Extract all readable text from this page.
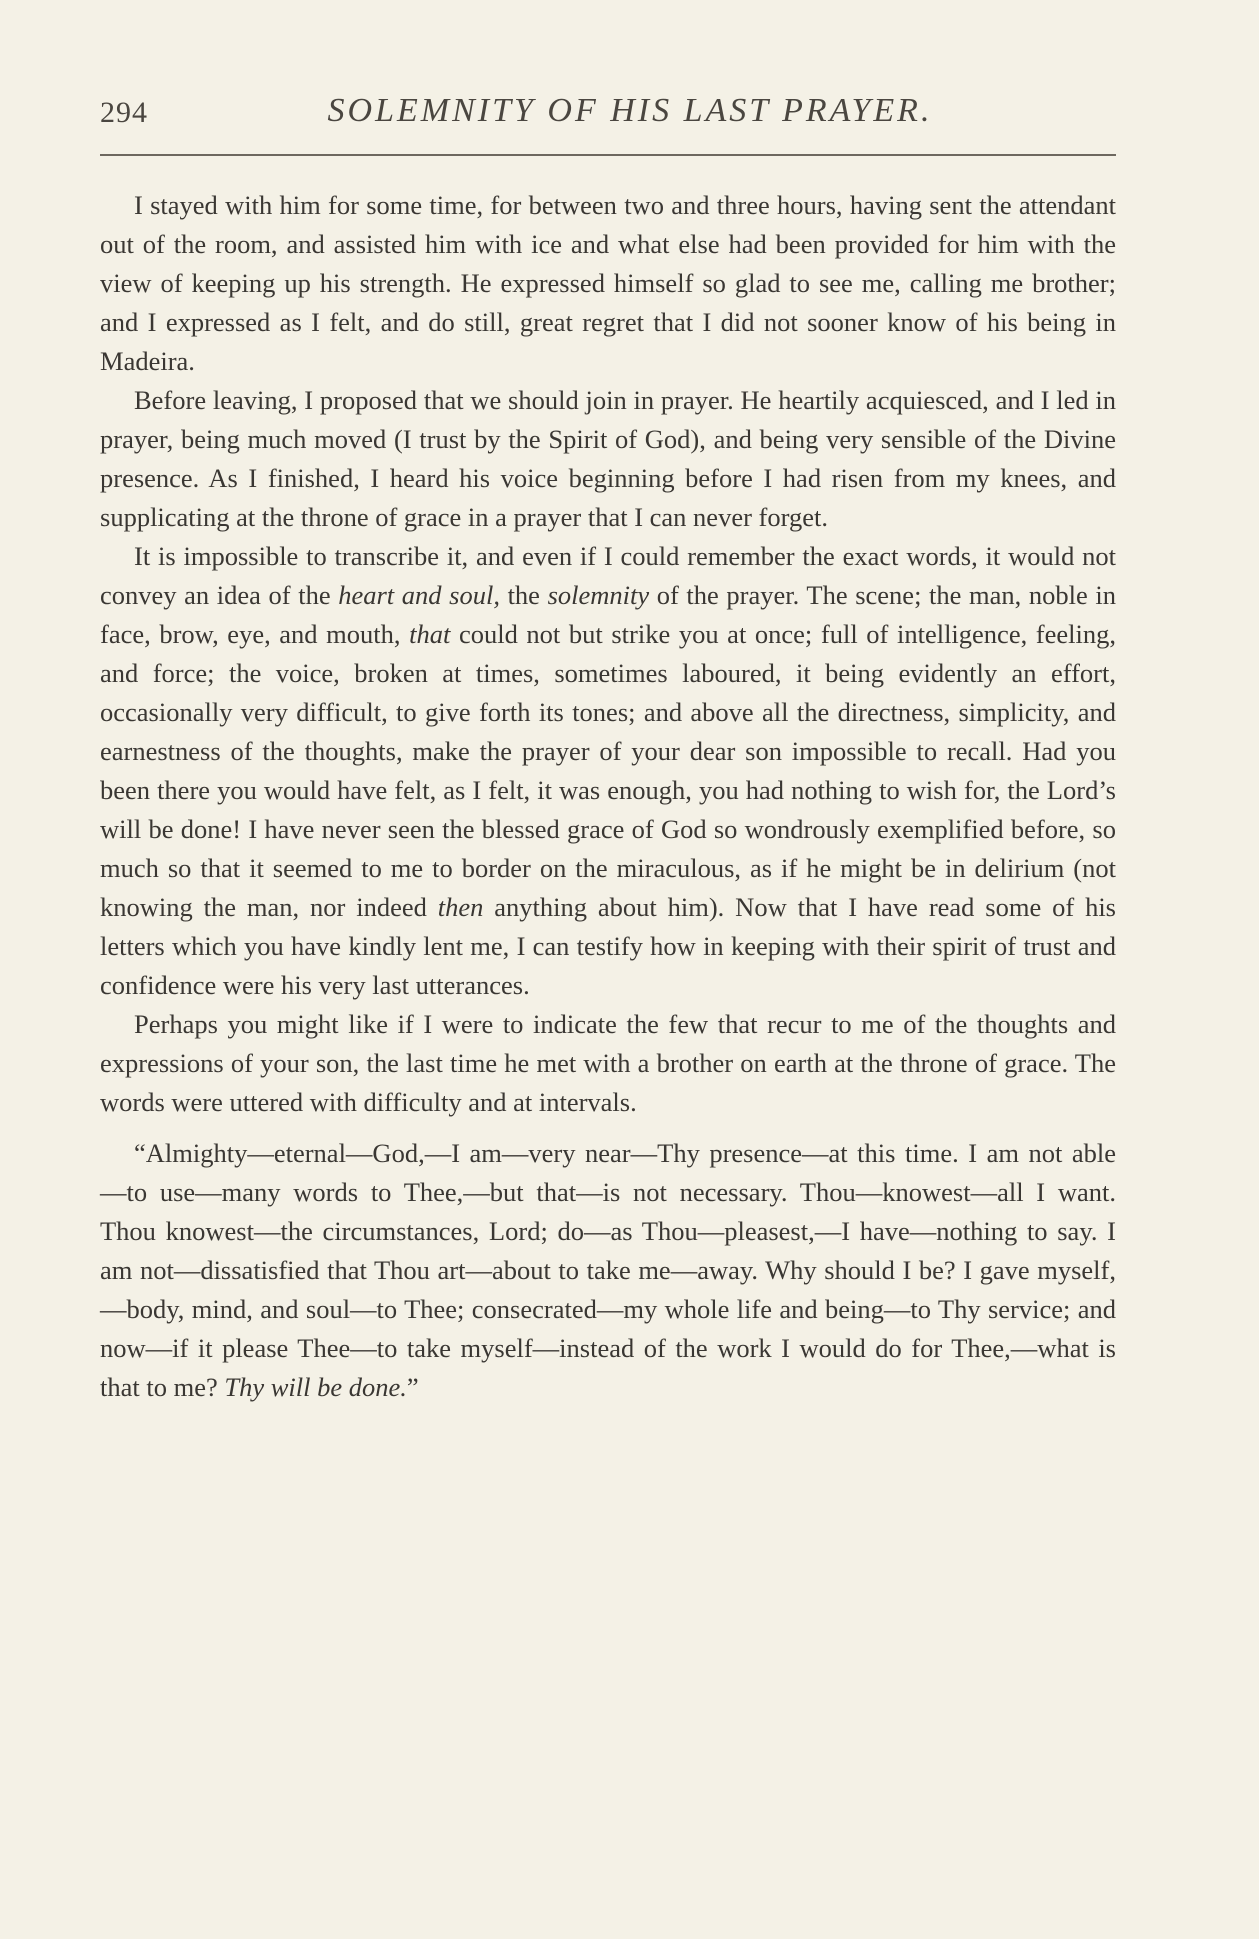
294	SOLEMNITY OF HIS LAST PRAYER.

I stayed with him for some time, for between two and three hours, having sent the attendant out of the room, and assisted him with ice and what else had been provided for him with the view of keeping up his strength. He expressed himself so glad to see me, calling me brother; and I expressed as I felt, and do still, great regret that I did not sooner know of his being in Madeira.

Before leaving, I proposed that we should join in prayer. He heartily acquiesced, and I led in prayer, being much moved (I trust by the Spirit of God), and being very sensible of the Divine presence. As I finished, I heard his voice beginning before I had risen from my knees, and supplicating at the throne of grace in a prayer that I can never forget.

It is impossible to transcribe it, and even if I could remember the exact words, it would not convey an idea of the heart and soul, the solemnity of the prayer. The scene; the man, noble in face, brow, eye, and mouth, that could not but strike you at once; full of intelligence, feeling, and force; the voice, broken at times, sometimes laboured, it being evidently an effort, occasionally very difficult, to give forth its tones; and above all the directness, simplicity, and earnestness of the thoughts, make the prayer of your dear son impossible to recall. Had you been there you would have felt, as I felt, it was enough, you had nothing to wish for, the Lord’s will be done! I have never seen the blessed grace of God so wondrously exemplified before, so much so that it seemed to me to border on the miraculous, as if he might be in delirium (not knowing the man, nor indeed then anything about him). Now that I have read some of his letters which you have kindly lent me, I can testify how in keeping with their spirit of trust and confidence were his very last utterances.

Perhaps you might like if I were to indicate the few that recur to me of the thoughts and expressions of your son, the last time he met with a brother on earth at the throne of grace. The words were uttered with difficulty and at intervals.

“Almighty—eternal—God,—I am—very near—Thy presence—at this time. I am not able—to use—many words to Thee,—but that—is not necessary. Thou—knowest—all I want. Thou knowest—the circumstances, Lord; do—as Thou—pleasest,—I have—nothing to say. I am not—dissatisfied that Thou art—about to take me—away. Why should I be? I gave myself,—body, mind, and soul—to Thee; consecrated—my whole life and being—to Thy service; and now—if it please Thee—to take myself—instead of the work I would do for Thee,—what is that to me? Thy will be done.”
